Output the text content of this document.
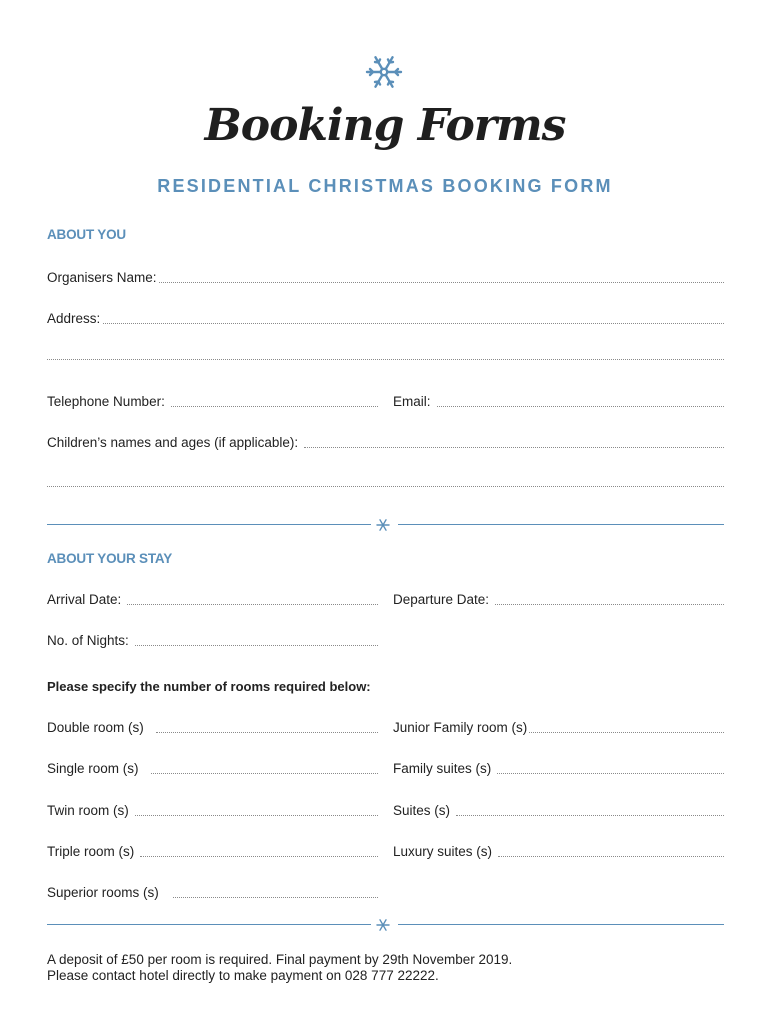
Booking Forms
RESIDENTIAL CHRISTMAS BOOKING FORM
ABOUT YOU
Organisers Name:
Address:
Telephone Number:	Email:
Children’s names and ages (if applicable):
ABOUT YOUR STAY
Arrival Date:	Departure Date:
No. of Nights:
Please specify the number of rooms required below:
Double room (s)
Single room (s)
Twin room (s)
Triple room (s)
Superior rooms (s)
Junior Family room (s)
Family suites (s)
Suites (s)
Luxury suites (s)
A deposit of £50 per room is required. Final payment by 29th November 2019.
Please contact hotel directly to make payment on 028 777 22222.
